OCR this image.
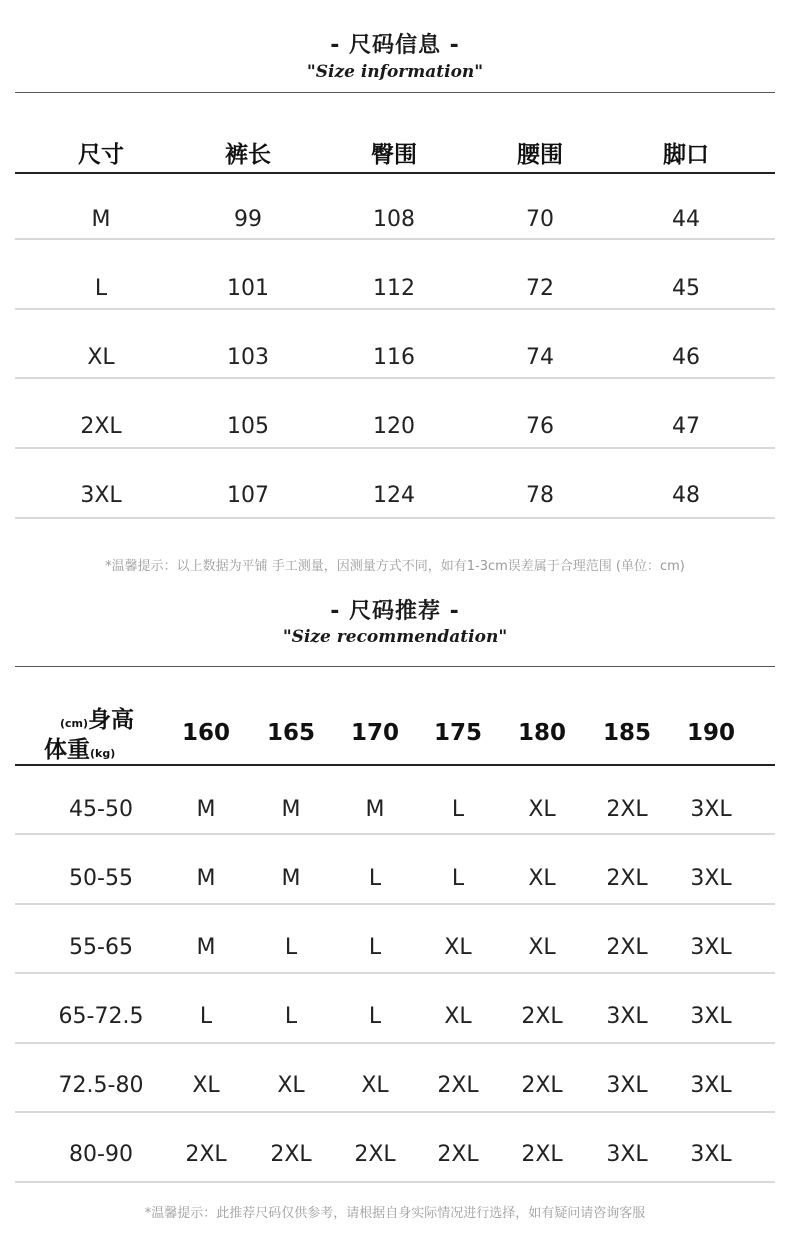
- 尺码信息 -
"Size information"
尺寸	裤长	臀围	腰围	脚口
M	99	108	70	44
L	101	112	72	45
XL	103	116	74	46
2XL	105	120	76	47
3XL	107	124	78	48
*温馨提示：以上数据为平铺 手工测量，因测量方式不同，如有1-3cm误差属于合理范围 (单位：cm)
- 尺码推荐 -
"Size recommendation"
(cm)身高
体重(kg)
160 165 170 175 180 185 190
45-50	M	M	M	L	XL 2XL 3XL
50-55	M	M	L	L	XL 2XL 3XL
55-65	M	L	L	XL	XL 2XL 3XL
65-72.5	L	L	L	XL 2XL 3XL 3XL
72.5-80 XL	XL	XL 2XL 2XL 3XL 3XL
80-90 2XL 2XL 2XL 2XL 2XL 3XL 3XL
*温馨提示：此推荐尺码仅供参考，请根据自身实际情况进行选择，如有疑问请咨询客服
